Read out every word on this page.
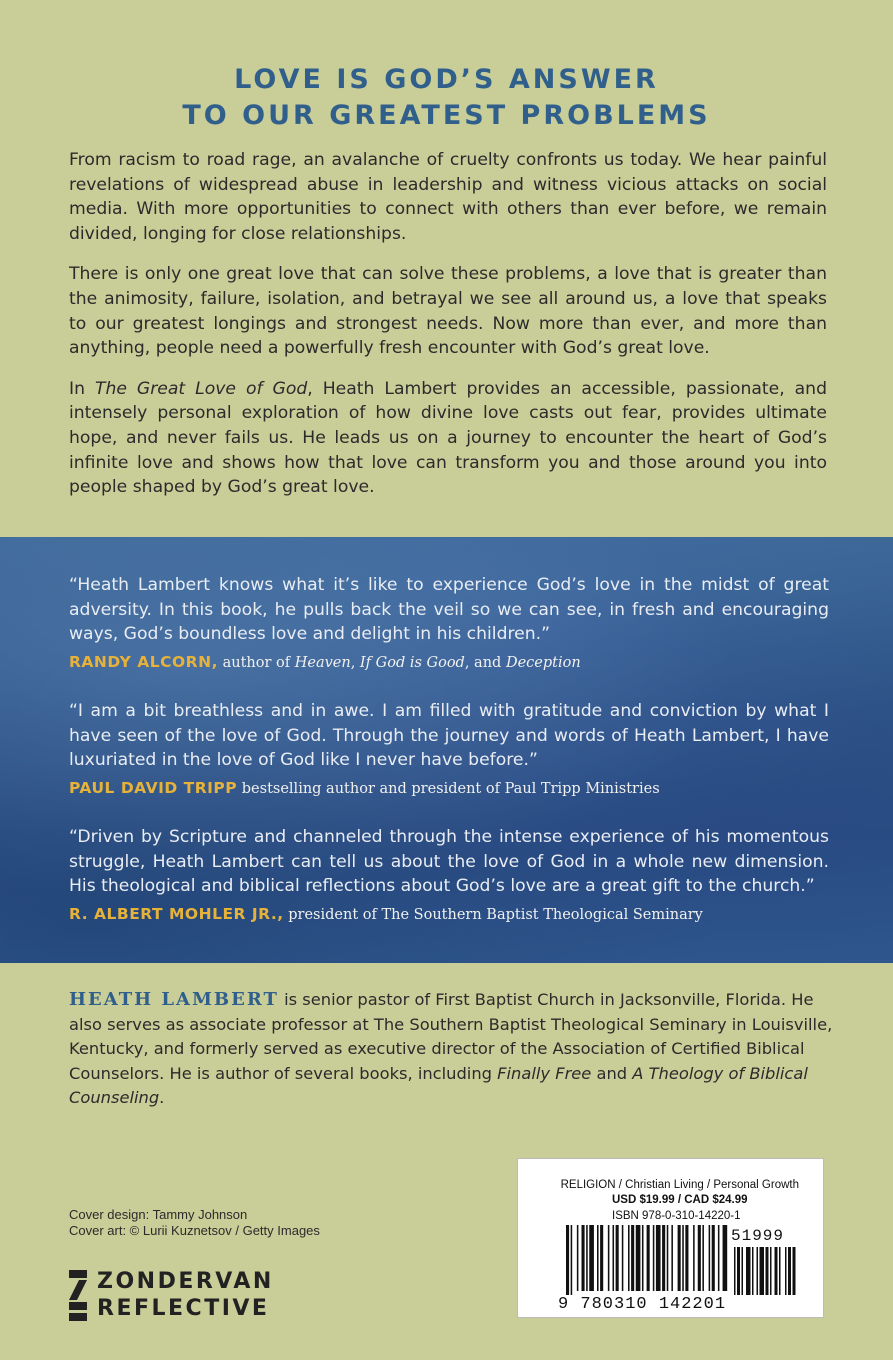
LOVE IS GOD’S ANSWER
TO OUR GREATEST PROBLEMS

From racism to road rage, an avalanche of cruelty confronts us today. We hear painful revelations of widespread abuse in leadership and witness vicious attacks on social media. With more opportunities to connect with others than ever before, we remain divided, longing for close relationships.

There is only one great love that can solve these problems, a love that is greater than the animosity, failure, isolation, and betrayal we see all around us, a love that speaks to our greatest longings and strongest needs. Now more than ever, and more than anything, people need a powerfully fresh encounter with God’s great love.

In The Great Love of God, Heath Lambert provides an accessible, passionate, and intensely personal exploration of how divine love casts out fear, provides ultimate hope, and never fails us. He leads us on a journey to encounter the heart of God’s infinite love and shows how that love can transform you and those around you into people shaped by God’s great love.

“Heath Lambert knows what it’s like to experience God’s love in the midst of great adversity. In this book, he pulls back the veil so we can see, in fresh and encouraging ways, God’s boundless love and delight in his children.”
RANDY ALCORN, author of Heaven, If God is Good, and Deception
“I am a bit breathless and in awe. I am filled with gratitude and conviction by what I have seen of the love of God. Through the journey and words of Heath Lambert, I have luxuriated in the love of God like I never have before.”
PAUL DAVID TRIPP bestselling author and president of Paul Tripp Ministries
“Driven by Scripture and channeled through the intense experience of his momentous struggle, Heath Lambert can tell us about the love of God in a whole new dimension. His theological and biblical reflections about God’s love are a great gift to the church.”
R. ALBERT MOHLER JR., president of The Southern Baptist Theological Seminary
HEATH LAMBERT is senior pastor of First Baptist Church in Jacksonville, Florida. He also serves as associate professor at The Southern Baptist Theological Seminary in Louisville, Kentucky, and formerly served as executive director of the Association of Certified Biblical Counselors. He is author of several books, including Finally Free and A Theology of Biblical Counseling.
Cover design: Tammy Johnson
Cover art: © Lurii Kuznetsov / Getty Images
ZONDERVAN
REFLECTIVE
RELIGION / Christian Living / Personal Growth
USD $19.99 / CAD $24.99
ISBN 978-0-310-14220-1
51999
9 780310 142201
